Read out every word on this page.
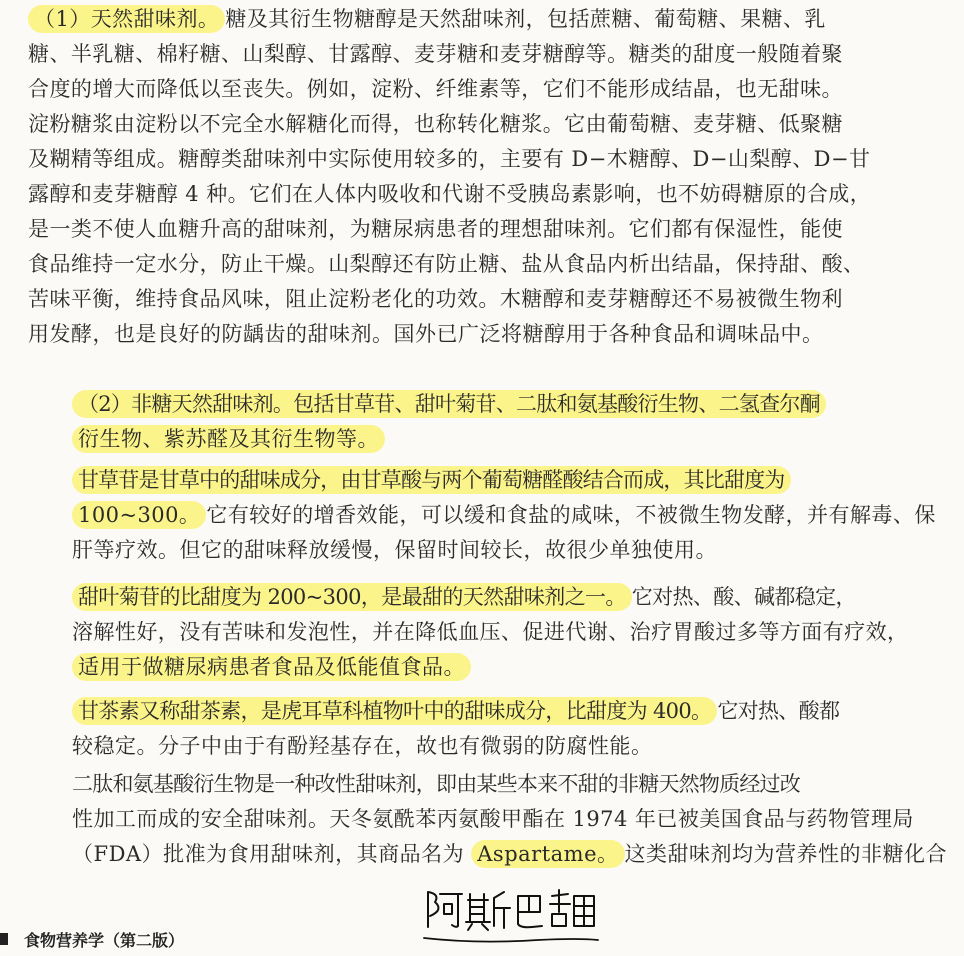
（1）天然甜味剂。 糖及其衍生物糖醇是天然甜味剂，包括蔗糖、葡萄糖、果糖、乳
糖、半乳糖、棉籽糖、山梨醇、甘露醇、麦芽糖和麦芽糖醇等。糖类的甜度一般随着聚
合度的增大而降低以至丧失。例如，淀粉、纤维素等，它们不能形成结晶，也无甜味。
淀粉糖浆由淀粉以不完全水解糖化而得，也称转化糖浆。它由葡萄糖、麦芽糖、低聚糖
及糊精等组成。糖醇类甜味剂中实际使用较多的，主要有 D−木糖醇、D−山梨醇、D−甘
露醇和麦芽糖醇 4 种。它们在人体内吸收和代谢不受胰岛素影响，也不妨碍糖原的合成，
是一类不使人血糖升高的甜味剂，为糖尿病患者的理想甜味剂。它们都有保湿性，能使
食品维持一定水分，防止干燥。山梨醇还有防止糖、盐从食品内析出结晶，保持甜、酸、
苦味平衡，维持食品风味，阻止淀粉老化的功效。木糖醇和麦芽糖醇还不易被微生物利
用发酵，也是良好的防龋齿的甜味剂。国外已广泛将糖醇用于各种食品和调味品中。
（2）非糖天然甜味剂。包括甘草苷、甜叶菊苷、二肽和氨基酸衍生物、二氢查尔酮
衍生物、紫苏醛及其衍生物等。
甘草苷是甘草中的甜味成分，由甘草酸与两个葡萄糖醛酸结合而成，其比甜度为
100~300。 它有较好的增香效能，可以缓和食盐的咸味，不被微生物发酵，并有解毒、保
肝等疗效。但它的甜味释放缓慢，保留时间较长，故很少单独使用。
甜叶菊苷的比甜度为 200~300，是最甜的天然甜味剂之一。 它对热、酸、碱都稳定，
溶解性好，没有苦味和发泡性，并在降低血压、促进代谢、治疗胃酸过多等方面有疗效，
适用于做糖尿病患者食品及低能值食品。
甘茶素又称甜茶素，是虎耳草科植物叶中的甜味成分，比甜度为 400。 它对热、酸都
较稳定。分子中由于有酚羟基存在，故也有微弱的防腐性能。
二肽和氨基酸衍生物是一种改性甜味剂，即由某些本来不甜的非糖天然物质经过改
性加工而成的安全甜味剂。天冬氨酰苯丙氨酸甲酯在 1974 年已被美国食品与药物管理局
（FDA）批准为食用甜味剂，其商品名为 Aspartame。 这类甜味剂均为营养性的非糖化合
食物营养学（第二版）
